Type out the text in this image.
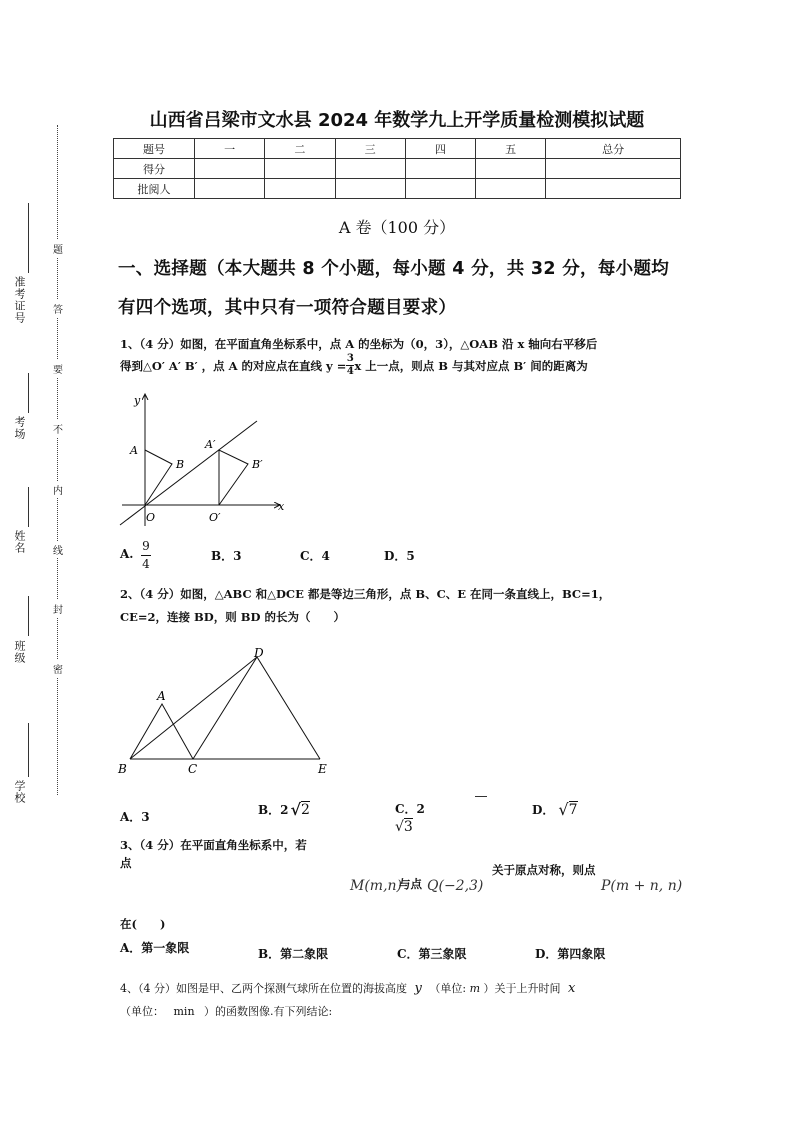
题
答
要
不
内
线
封
密
准考证号
考场
姓名
班级
学校
山西省吕梁市文水县 2024 年数学九上开学质量检测模拟试题
题号	一	二	三	四	五	总分
得分						
批阅人						
A 卷（100 分）
一、选择题（本大题共 8 个小题，每小题 4 分，共 32 分，每小题均
有四个选项，其中只有一项符合题目要求）
1、（4 分）如图，在平面直角坐标系中，点 A 的坐标为（0，3），△OAB 沿 x 轴向右平移后
得到△O′ A′ B′ ，点 A 的对应点在直线 $y = \frac{3}{4}$ x 上一点，则点 B 与其对应点 B′ 间的距离为
y
x
A
B
O
A′
B′
O′
A.
9
4
B．3	C．4	D．5
2、（4 分）如图，△ABC 和△DCE 都是等边三角形，点 B、C、E 在同一条直线上，BC=1，
CE=2，连接 BD，则 BD 的长为（　　）
A
B	C
D
E
A．3	B．2 √ 2	C．2
√3
D． √ 7
3、（4 分）在平面直角坐标系中，若
点	关于原点对称，则点
M(m,n)
与点 Q(−2,3)	P(m + n, n)
在(　　)
A．第一象限	B．第二象限	C．第三象限	D．第四象限
4、（4 分）如图是甲、乙两个探测气球所在位置的海拔高度 y （单位: m ）关于上升时间 x
（单位： min ）的函数图像.有下列结论:
